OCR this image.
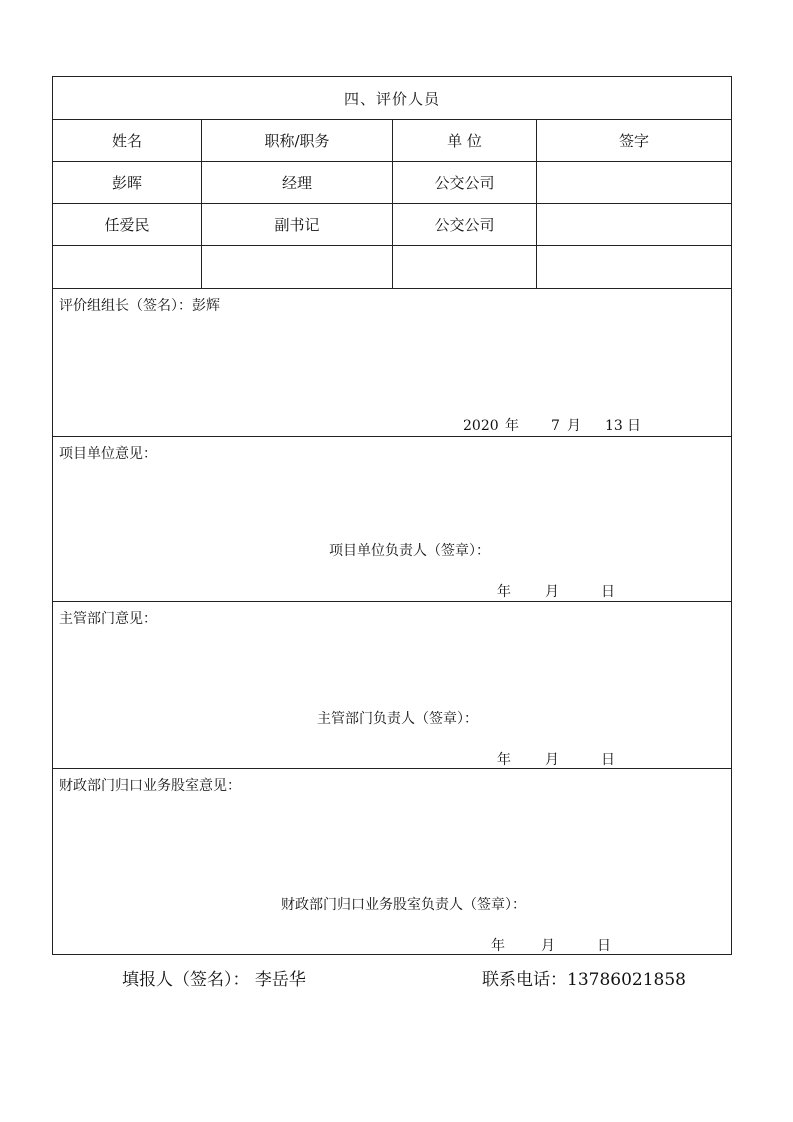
四、评价人员
姓名	职称/职务	单 位	签字
彭晖	经理	公交公司
任爱民	副书记	公交公司
评价组组长（签名）：彭辉
2020 年 7 月 13 日
项目单位意见：
项目单位负责人（签章）：
年 月	日
主管部门意见：
主管部门负责人（签章）：
年 月	日
财政部门归口业务股室意见：
财政部门归口业务股室负责人（签章）：
年	月	日
填报人（签名）： 李岳华	联系电话：13786021858
